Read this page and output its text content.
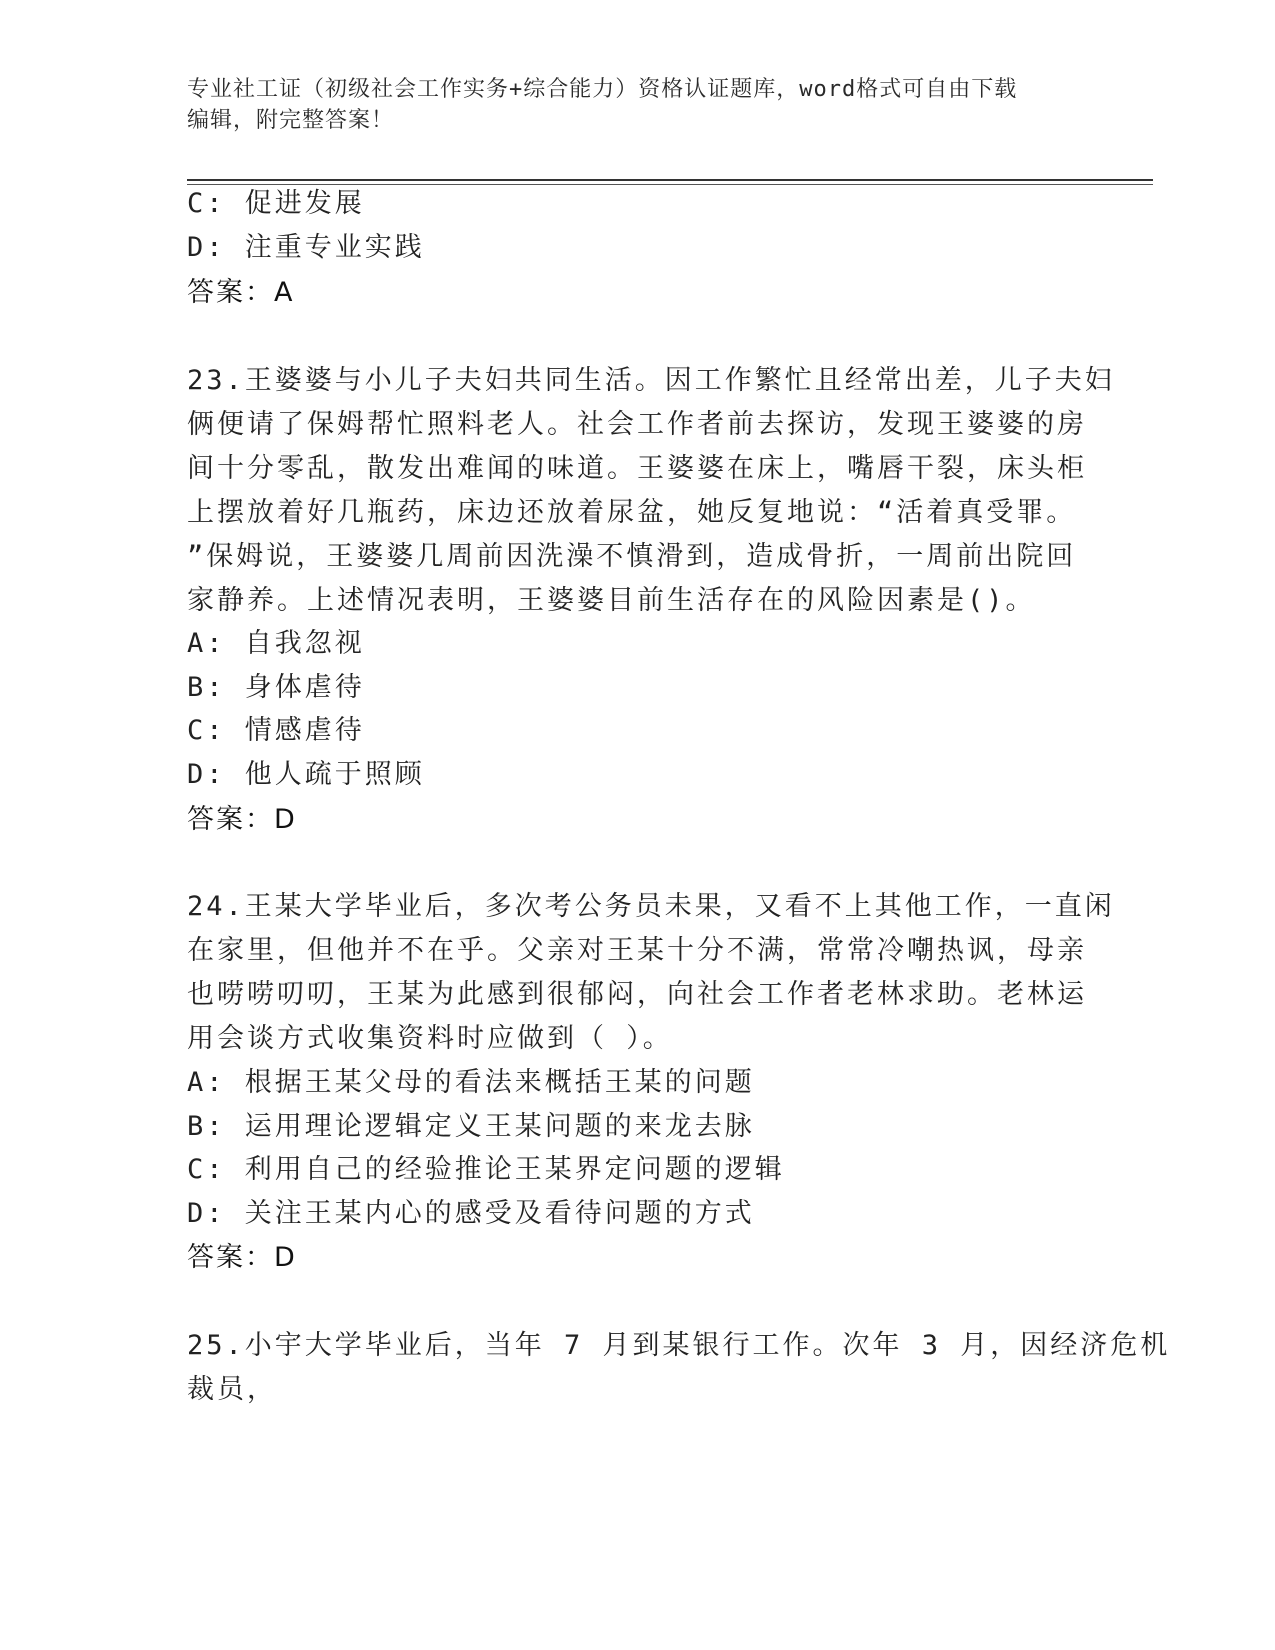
专业社工证（初级社会工作实务+综合能力）资格认证题库，word格式可自由下载
编辑，附完整答案！
C: 促进发展
D: 注重专业实践
答案：A
23.王婆婆与小儿子夫妇共同生活。因工作繁忙且经常出差，儿子夫妇
俩便请了保姆帮忙照料老人。社会工作者前去探访，发现王婆婆的房
间十分零乱，散发出难闻的味道。王婆婆在床上，嘴唇干裂，床头柜
上摆放着好几瓶药，床边还放着尿盆，她反复地说：“活着真受罪。
”保姆说，王婆婆几周前因洗澡不慎滑到，造成骨折，一周前出院回
家静养。上述情况表明，王婆婆目前生活存在的风险因素是()。
A: 自我忽视
B: 身体虐待
C: 情感虐待
D: 他人疏于照顾
答案：D
24.王某大学毕业后，多次考公务员未果，又看不上其他工作，一直闲
在家里，但他并不在乎。父亲对王某十分不满，常常冷嘲热讽，母亲
也唠唠叨叨，王某为此感到很郁闷，向社会工作者老林求助。老林运
用会谈方式收集资料时应做到（ ）。
A: 根据王某父母的看法来概括王某的问题
B: 运用理论逻辑定义王某问题的来龙去脉
C: 利用自己的经验推论王某界定问题的逻辑
D: 关注王某内心的感受及看待问题的方式
答案：D
25.小宇大学毕业后，当年 7 月到某银行工作。次年 3 月，因经济危机
裁员，
